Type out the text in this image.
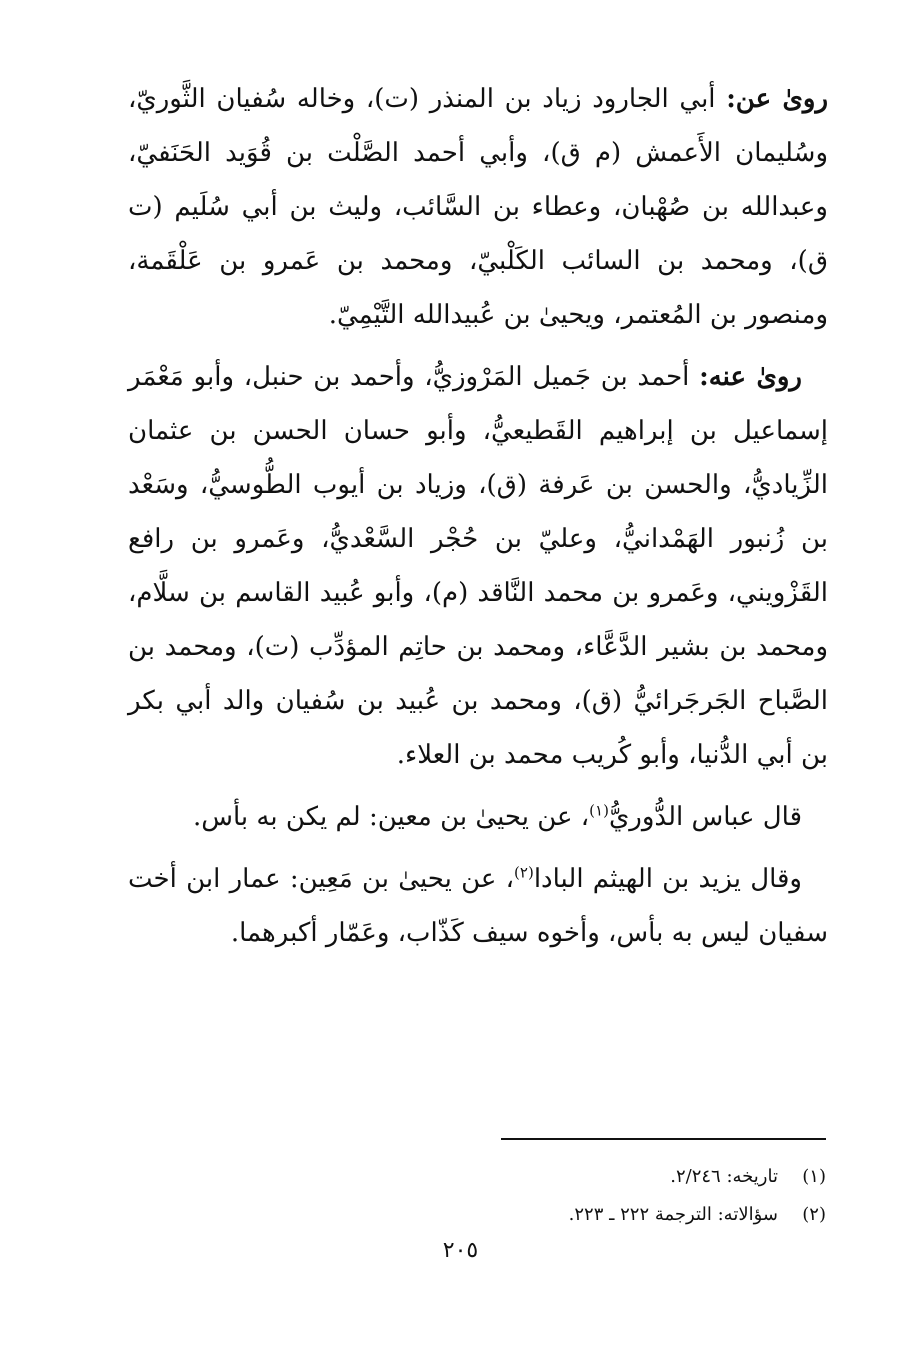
روىٰ عن: أبي الجارود زياد بن المنذر (ت)، وخاله سُفيان الثَّوريّ، وسُليمان الأَعمش (م ق)، وأبي أحمد الصَّلْت بن قُوَيد الحَنَفيّ، وعبدالله بن صُهْبان، وعطاء بن السَّائب، وليث بن أبي سُلَيم (ت ق)، ومحمد بن السائب الكَلْبيّ، ومحمد بن عَمرو بن عَلْقَمة، ومنصور بن المُعتمر، ويحيىٰ بن عُبيدالله التَّيْمِيّ.

روىٰ عنه: أحمد بن جَميل المَرْوزيُّ، وأحمد بن حنبل، وأبو مَعْمَر إسماعيل بن إبراهيم القَطيعيُّ، وأبو حسان الحسن بن عثمان الزِّياديُّ، والحسن بن عَرفة (ق)، وزياد بن أيوب الطُّوسيُّ، وسَعْد بن زُنبور الهَمْدانيُّ، وعليّ بن حُجْر السَّعْديُّ، وعَمرو بن رافع القَزْويني، وعَمرو بن محمد النَّاقد (م)، وأبو عُبيد القاسم بن سلَّام، ومحمد بن بشير الدَّعَّاء، ومحمد بن حاتِم المؤدِّب (ت)، ومحمد بن الصَّباح الجَرجَرائيُّ (ق)، ومحمد بن عُبيد بن سُفيان والد أبي بكر بن أبي الدُّنيا، وأبو كُريب محمد بن العلاء.

قال عباس الدُّوريُّ$^{(١)}$، عن يحيىٰ بن معين: لم يكن به بأس.

وقال يزيد بن الهيثم البادا$^{(٢)}$، عن يحيىٰ بن مَعِين: عمار ابن أخت سفيان ليس به بأس، وأخوه سيف كَذّاب، وعَمّار أكبرهما.

(١)
تاريخه: ٢/٢٤٦.

(٢)
سؤالاته: الترجمة ٢٢٢ ـ ٢٢٣.

٢٠٥
